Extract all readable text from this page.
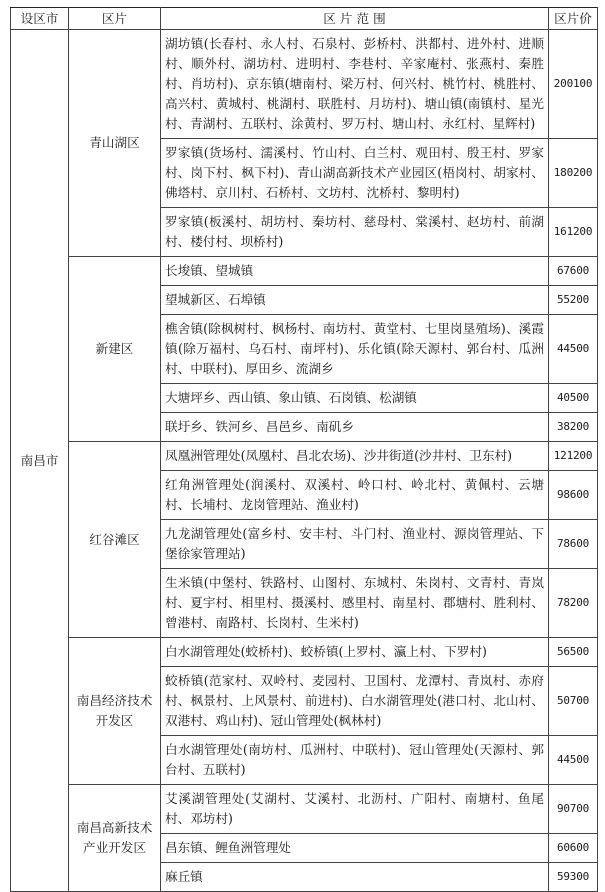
设区市	区片	区 片 范 围	区片价
南昌市	青山湖区	湖坊镇(长春村、永人村、石泉村、彭桥村、洪都村、进外村、进顺村、顺外村、湖坊村、进明村、李巷村、辛家庵村、张燕村、秦胜村、肖坊村)、京东镇(塘南村、梁万村、何兴村、桃竹村、桃胜村、高兴村、黄城村、桃湖村、联胜村、月坊村)、塘山镇(南镇村、星光村、青湖村、五联村、涂黄村、罗万村、塘山村、永红村、星辉村)	200100
		罗家镇(货场村、濡溪村、竹山村、白兰村、观田村、殷王村、罗家村、岗下村、枫下村)、青山湖高新技术产业园区(梧岗村、胡家村、佛塔村、京川村、石桥村、文坊村、沈桥村、黎明村)	180200
		罗家镇(板溪村、胡坊村、秦坊村、慈母村、棠溪村、赵坊村、前湖村、楼付村、坝桥村)	161200
	新建区	长埈镇、望城镇	67600
		望城新区、石埠镇	55200
		樵舍镇(除枫树村、枫杨村、南坊村、黄堂村、七里岗垦殖场)、溪霞镇(除万福村、乌石村、南坪村)、乐化镇(除天源村、郭台村、瓜洲村、中联村)、厚田乡、流湖乡	44500
		大塘坪乡、西山镇、象山镇、石岗镇、松湖镇	40500
		联圩乡、铁河乡、昌邑乡、南矶乡	38200
	红谷滩区	凤凰洲管理处(凤凰村、昌北农场)、沙井街道(沙井村、卫东村)	121200
		红角洲管理处(润溪村、双溪村、岭口村、岭北村、黄佩村、云塘村、长埔村、龙岗管理站、渔业村)	98600
		九龙湖管理处(富乡村、安丰村、斗门村、渔业村、源岗管理站、下堡徐家管理站)	78600
		生米镇(中堡村、铁路村、山图村、东城村、朱岗村、文青村、青岚村、夏宇村、相里村、摄溪村、感里村、南星村、郡塘村、胜利村、曾港村、南路村、长岗村、生米村)	78200
	南昌经济技术开发区	白水湖管理处(蛟桥村)、蛟桥镇(上罗村、瀛上村、下罗村)	56500
		蛟桥镇(范家村、双岭村、麦园村、卫国村、龙潭村、青岚村、赤府村、枫景村、上风景村、前进村)、白水湖管理处(港口村、北山村、双港村、鸡山村)、冠山管理处(枫林村)	50700
		白水湖管理处(南坊村、瓜洲村、中联村)、冠山管理处(天源村、郭台村、五联村)	44500
	南昌高新技术产业开发区	艾溪湖管理处(艾湖村、艾溪村、北沥村、广阳村、南塘村、鱼尾村、邓坊村)	90700
		昌东镇、鲤鱼洲管理处	60600
		麻丘镇	59300
